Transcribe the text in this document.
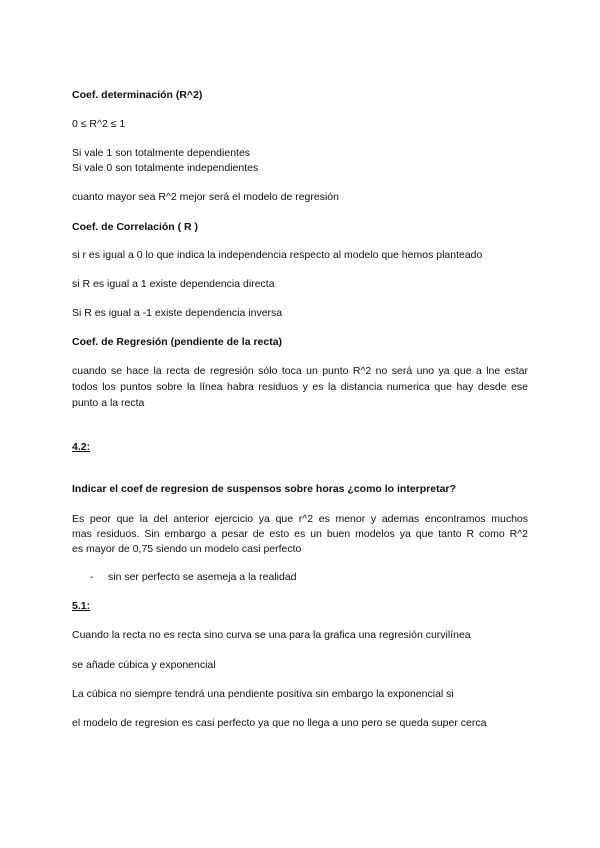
Coef. determinación (R^2)
0 ≤ R^2 ≤ 1
Si vale 1 son totalmente dependientes
Si vale 0 son totalmente independientes
cuanto mayor sea R^2 mejor será el modelo de regresión
Coef. de Correlación ( R )
si r es igual a 0 lo que indica la independencia respecto al modelo que hemos planteado
si R es igual a 1 existe dependencia directa
Si R es igual a -1 existe dependencia inversa
Coef. de Regresión (pendiente de la recta)
cuando se hace la recta de regresión sólo toca un punto R^2 no será uno ya que a lne estar
todos los puntos sobre la línea habra residuos y es la distancia numerica que hay desde ese
punto a la recta
4.2:
Indicar el coef de regresion de suspensos sobre horas ¿como lo interpretar?
Es peor que la del anterior ejercicio ya que r^2 es menor y ademas encontramos muchos
mas residuos. Sin embargo a pesar de esto es un buen modelos ya que tanto R como R^2
es mayor de 0,75 siendo un modelo casi perfecto
- sin ser perfecto se asemeja a la realidad
5.1:
Cuando la recta no es recta sino curva se una para la grafica una regresión curvilínea
se añade cúbica y exponencial
La cúbica no siempre tendrá una pendiente positiva sin embargo la exponencial si
el modelo de regresion es casi perfecto ya que no llega a uno pero se queda super cerca
